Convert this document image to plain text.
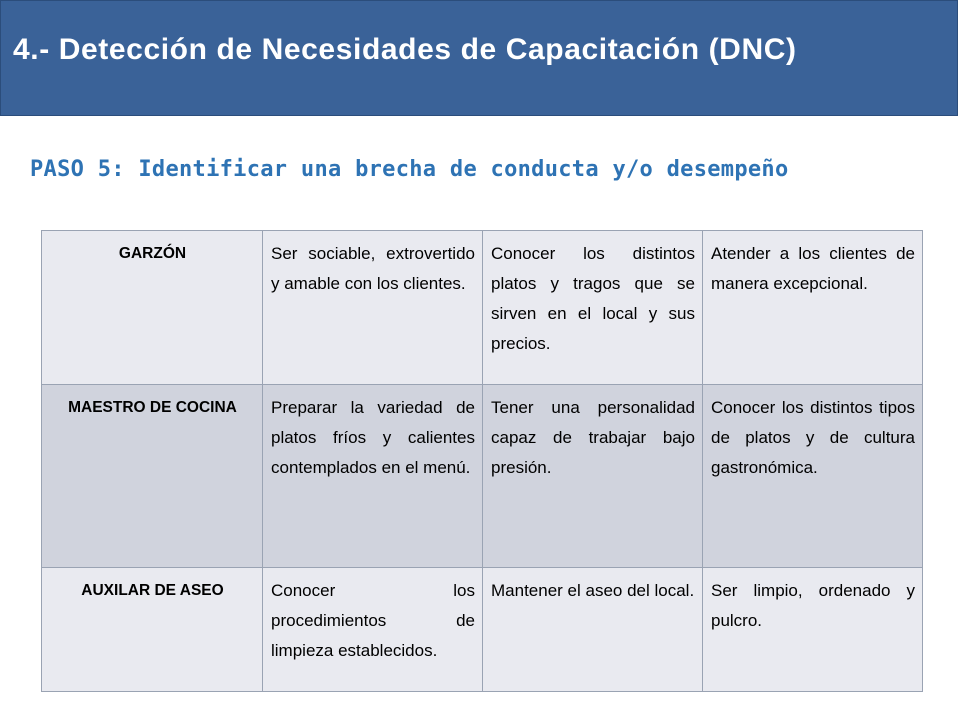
4.- Detección de Necesidades de Capacitación (DNC)
PASO 5: Identificar una brecha de conducta y/o desempeño
GARZÓN	Ser sociable, extrovertido y amable con los clientes.	Conocer los distintos platos y tragos que se sirven en el local y sus precios.	Atender a los clientes de manera excepcional.
MAESTRO DE COCINA	Preparar la variedad de platos fríos y calientes contemplados en el menú.	Tener una personalidad capaz de trabajar bajo presión.	Conocer los distintos tipos de platos y de cultura gastronómica.
AUXILAR DE ASEO	Conocer los procedimientos de limpieza establecidos.	Mantener el aseo del local.	Ser limpio, ordenado y pulcro.
